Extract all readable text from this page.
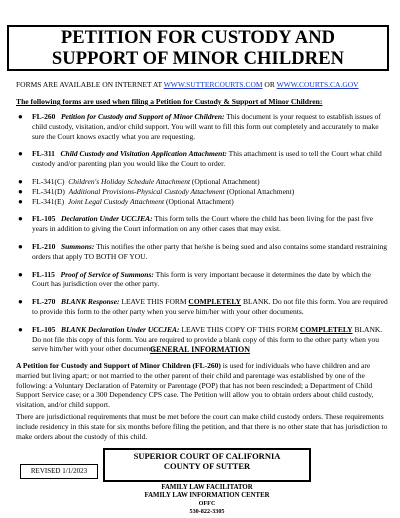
PETITION FOR CUSTODY AND
SUPPORT OF MINOR CHILDREN
FORMS ARE AVAILABLE ON INTERNET AT WWW.SUTTERCOURTS.COM OR WWW.COURTS.CA.GOV
The following forms are used when filing a Petition for Custody & Support of Minor Children:
● FL-260 Petition for Custody and Support of Minor Children: This document is your request to establish issues of child custody, visitation, and/or child support. You will want to fill this form out completely and accurately to make sure the Court knows exactly what you are requesting.
● FL-311 Child Custody and Visitation Application Attachment: This attachment is used to tell the Court what child custody and/or parenting plan you would like the Court to order.
● FL-341(C) Children's Holiday Schedule Attachment (Optional Attachment)
● FL-341(D) Additional Provisions-Physical Custody Attachment (Optional Attachment)
● FL-341(E) Joint Legal Custody Attachment (Optional Attachment)
● FL-105 Declaration Under UCCJEA: This form tells the Court where the child has been living for the past five years in addition to giving the Court information on any other cases that may exist.
● FL-210 Summons: This notifies the other party that he/she is being sued and also contains some standard restraining orders that apply TO BOTH OF YOU.
● FL-115 Proof of Service of Summons: This form is very important because it determines the date by which the Court has jurisdiction over the other party.
● FL-270 BLANK Response: LEAVE THIS FORM COMPLETELY BLANK. Do not file this form. You are required to provide this form to the other party when you serve him/her with your other documents.
● FL-105 BLANK Declaration Under UCCJEA: LEAVE THIS COPY OF THIS FORM COMPLETELY BLANK. Do not file this copy of this form. You are required to provide a blank copy of this form to the other party when you serve him/her with your other documents.
GENERAL INFORMATION
A Petition for Custody and Support of Minor Children (FL-260) is used for individuals who have children and are married but living apart; or not married to the other parent of their child and parentage was established by one of the following: a Voluntary Declaration of Paternity or Parentage (POP) that has not been rescinded; a Department of Child Support Service case; or a 300 Dependency CPS case. The Petition will allow you to obtain orders about child custody, visitation, and/or child support.
There are jurisdictional requirements that must be met before the court can make child custody orders. These requirements include residency in this state for six months before filing the petition, and that there is no other state that has jurisdiction to make orders about the custody of this child.
REVISED 1/1/2023
SUPERIOR COURT OF CALIFORNIA
COUNTY OF SUTTER
FAMILY LAW FACILITATOR
FAMILY LAW INFORMATION CENTER
OFFC
530-822-3305
